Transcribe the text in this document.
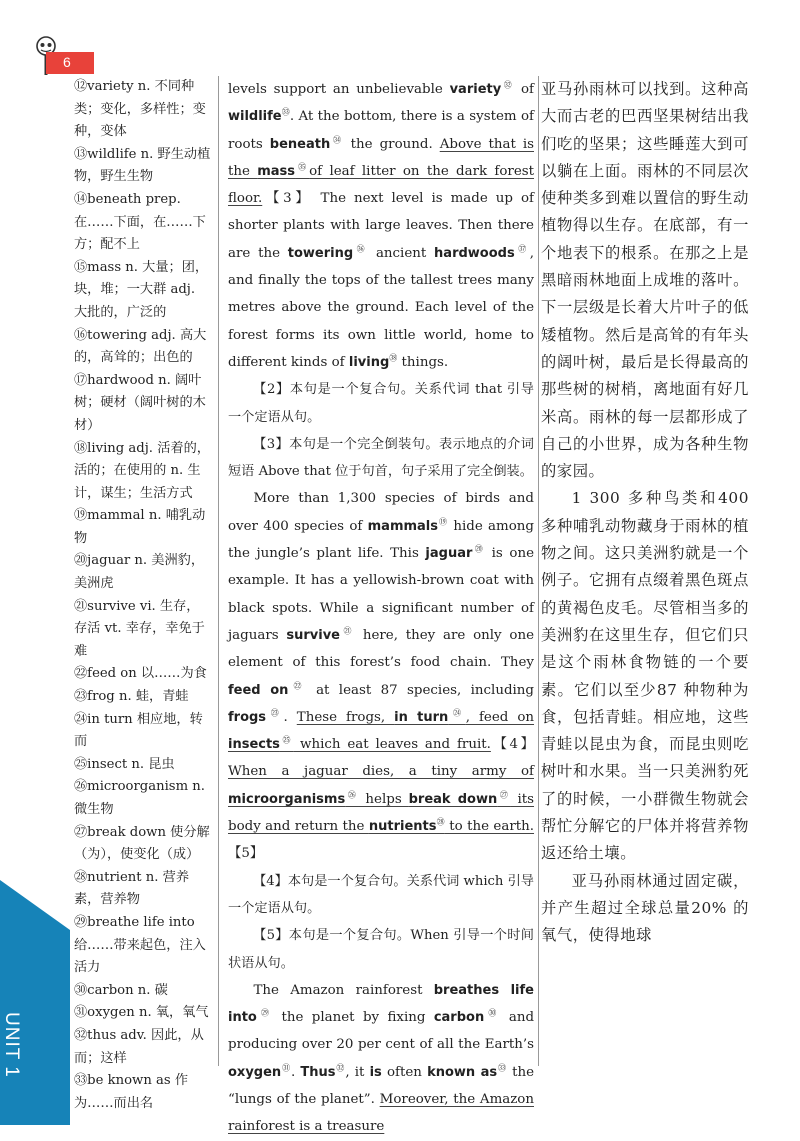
6
⑫variety n. 不同种类；变化，多样性；变种，变体
⑬wildlife n. 野生动植物，野生生物
⑭beneath prep. 在……下面，在……下方；配不上
⑮mass n. 大量；团，块，堆；一大群 adj. 大批的，广泛的
⑯towering adj. 高大的，高耸的；出色的
⑰hardwood n. 阔叶树；硬材（阔叶树的木材）
⑱living adj. 活着的，活的；在使用的 n. 生计，谋生；生活方式
⑲mammal n. 哺乳动物
⑳jaguar n. 美洲豹，美洲虎
㉑survive vi. 生存，存活 vt. 幸存，幸免于难
㉒feed on 以……为食
㉓frog n. 蛙，青蛙
㉔in turn 相应地，转而
㉕insect n. 昆虫
㉖microorganism n. 微生物
㉗break down 使分解（为），使变化（成）
㉘nutrient n. 营养素，营养物
㉙breathe life into 给……带来起色，注入活力
㉚carbon n. 碳
㉛oxygen n. 氧，氧气
㉜thus adv. 因此，从而；这样
㉝be known as 作为……而出名

levels support an unbelievable variety$^㉜$ of wildlife$^㉝$. At the bottom, there is a system of roots beneath$^㉞$ the ground. Above that is the mass$^㉟$of leaf litter on the dark forest floor.【3】 The next level is made up of shorter plants with large leaves. Then there are the towering$^㊱$ ancient hardwoods$^㊲$, and finally the tops of the tallest trees many metres above the ground. Each level of the forest forms its own little world, home to different kinds of living$^㊳$ things.

【2】本句是一个复合句。关系代词 that 引导一个定语从句。

【3】本句是一个完全倒装句。表示地点的介词短语 Above that 位于句首，句子采用了完全倒装。

More than 1,300 species of birds and over 400 species of mammals⑲ hide among the jungle’s plant life. This jaguar⑳ is one example. It has a yellowish-brown coat with black spots. While a significant number of jaguars survive$^㉑$ here, they are only one element of this forest’s food chain. They feed $on^㉒$ at least 87 species, including frogs$^㉓$. These frogs, in turn$^㉔$, feed on insects$^㉕$ which eat leaves and fruit.【4】When a jaguar dies, a tiny army of microorganisms$^㉖$ helps break down$^㉗$ its body and return the nutrients$^㉘$ to the earth.【5】

【4】本句是一个复合句。关系代词 which 引导一个定语从句。

【5】本句是一个复合句。When 引导一个时间状语从句。

The Amazon rainforest breathes life into$^㉙$ the planet by fixing carbon$^㉚$ and producing over 20 per cent of all the Earth’s oxygen$^㉛$. Thus$^㉜$, it is often known $as^㉝$ the “lungs of the planet”. Moreover, the Amazon rainforest is a treasure

亚马孙雨林可以找到。这种高大而古老的巴西坚果树结出我们吃的坚果；这些睡莲大到可以躺在上面。雨林的不同层次使种类多到难以置信的野生动植物得以生存。在底部，有一个地表下的根系。在那之上是黑暗雨林地面上成堆的落叶。下一层级是长着大片叶子的低矮植物。然后是高耸的有年头的阔叶树，最后是长得最高的那些树的树梢，离地面有好几米高。雨林的每一层都形成了自己的小世界，成为各种生物的家园。

1 300 多种鸟类和400 多种哺乳动物藏身于雨林的植物之间。这只美洲豹就是一个例子。它拥有点缀着黑色斑点的黄褐色皮毛。尽管相当多的美洲豹在这里生存，但它们只是这个雨林食物链的一个要素。它们以至少87 种物种为食，包括青蛙。相应地，这些青蛙以昆虫为食，而昆虫则吃树叶和水果。当一只美洲豹死了的时候，一小群微生物就会帮忙分解它的尸体并将营养物返还给土壤。

亚马孙雨林通过固定碳，并产生超过全球总量20% 的氧气，使得地球

UNIT 1
